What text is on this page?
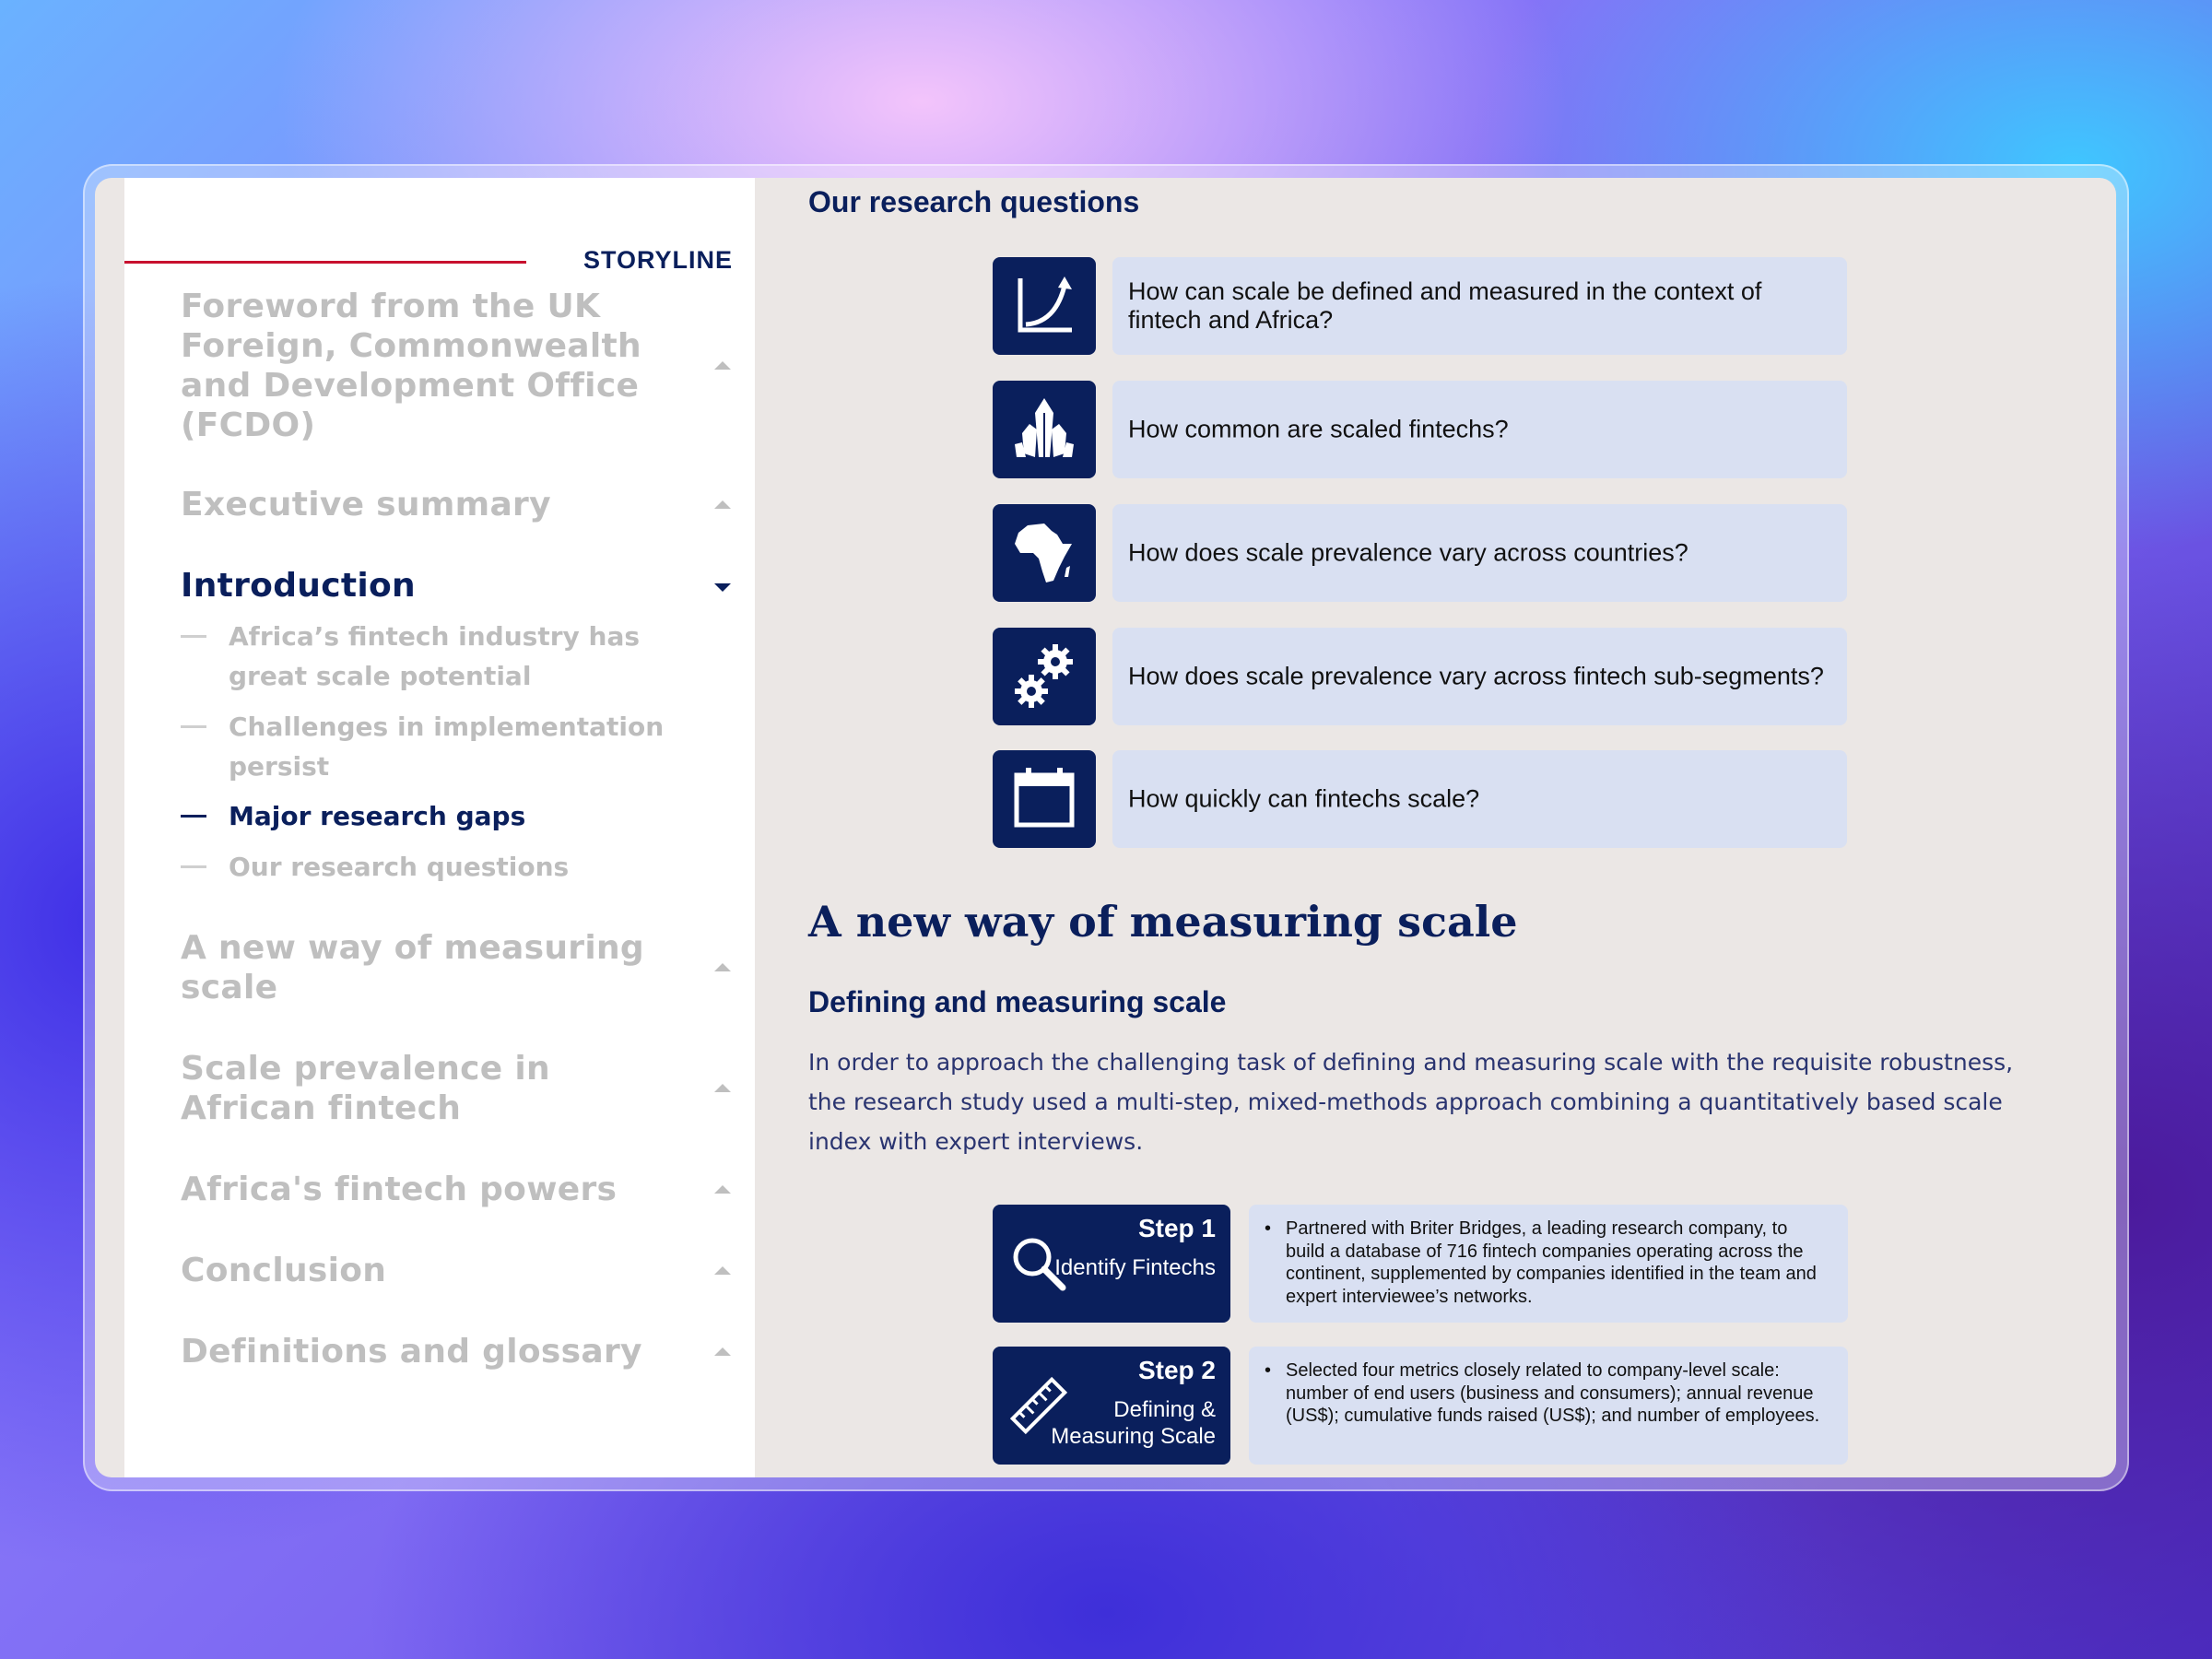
STORYLINE
Foreword from the UK Foreign, Commonwealth and Development Office (FCDO)
Executive summary
Introduction
Africa’s fintech industry has great scale potential
Challenges in implementation persist
Major research gaps
Our research questions
A new way of measuring scale
Scale prevalence in African fintech
Africa's fintech powers
Conclusion
Definitions and glossary
Our research questions
How can scale be defined and measured in the context of fintech and Africa?
How common are scaled fintechs?
How does scale prevalence vary across countries?
How does scale prevalence vary across fintech sub-segments?
How quickly can fintechs scale?
A new way of measuring scale
Defining and measuring scale
In order to approach the challenging task of defining and measuring scale with the requisite robustness, the research study used a multi-step, mixed-methods approach combining a quantitatively based scale index with expert interviews.
Step 1
Identify Fintechs
• Partnered with Briter Bridges, a leading research company, to build a database of 716 fintech companies operating across the continent, supplemented by companies identified in the team and expert interviewee’s networks.
Step 2
Defining & Measuring Scale
• Selected four metrics closely related to company-level scale: number of end users (business and consumers); annual revenue (US$); cumulative funds raised (US$); and number of employees.
